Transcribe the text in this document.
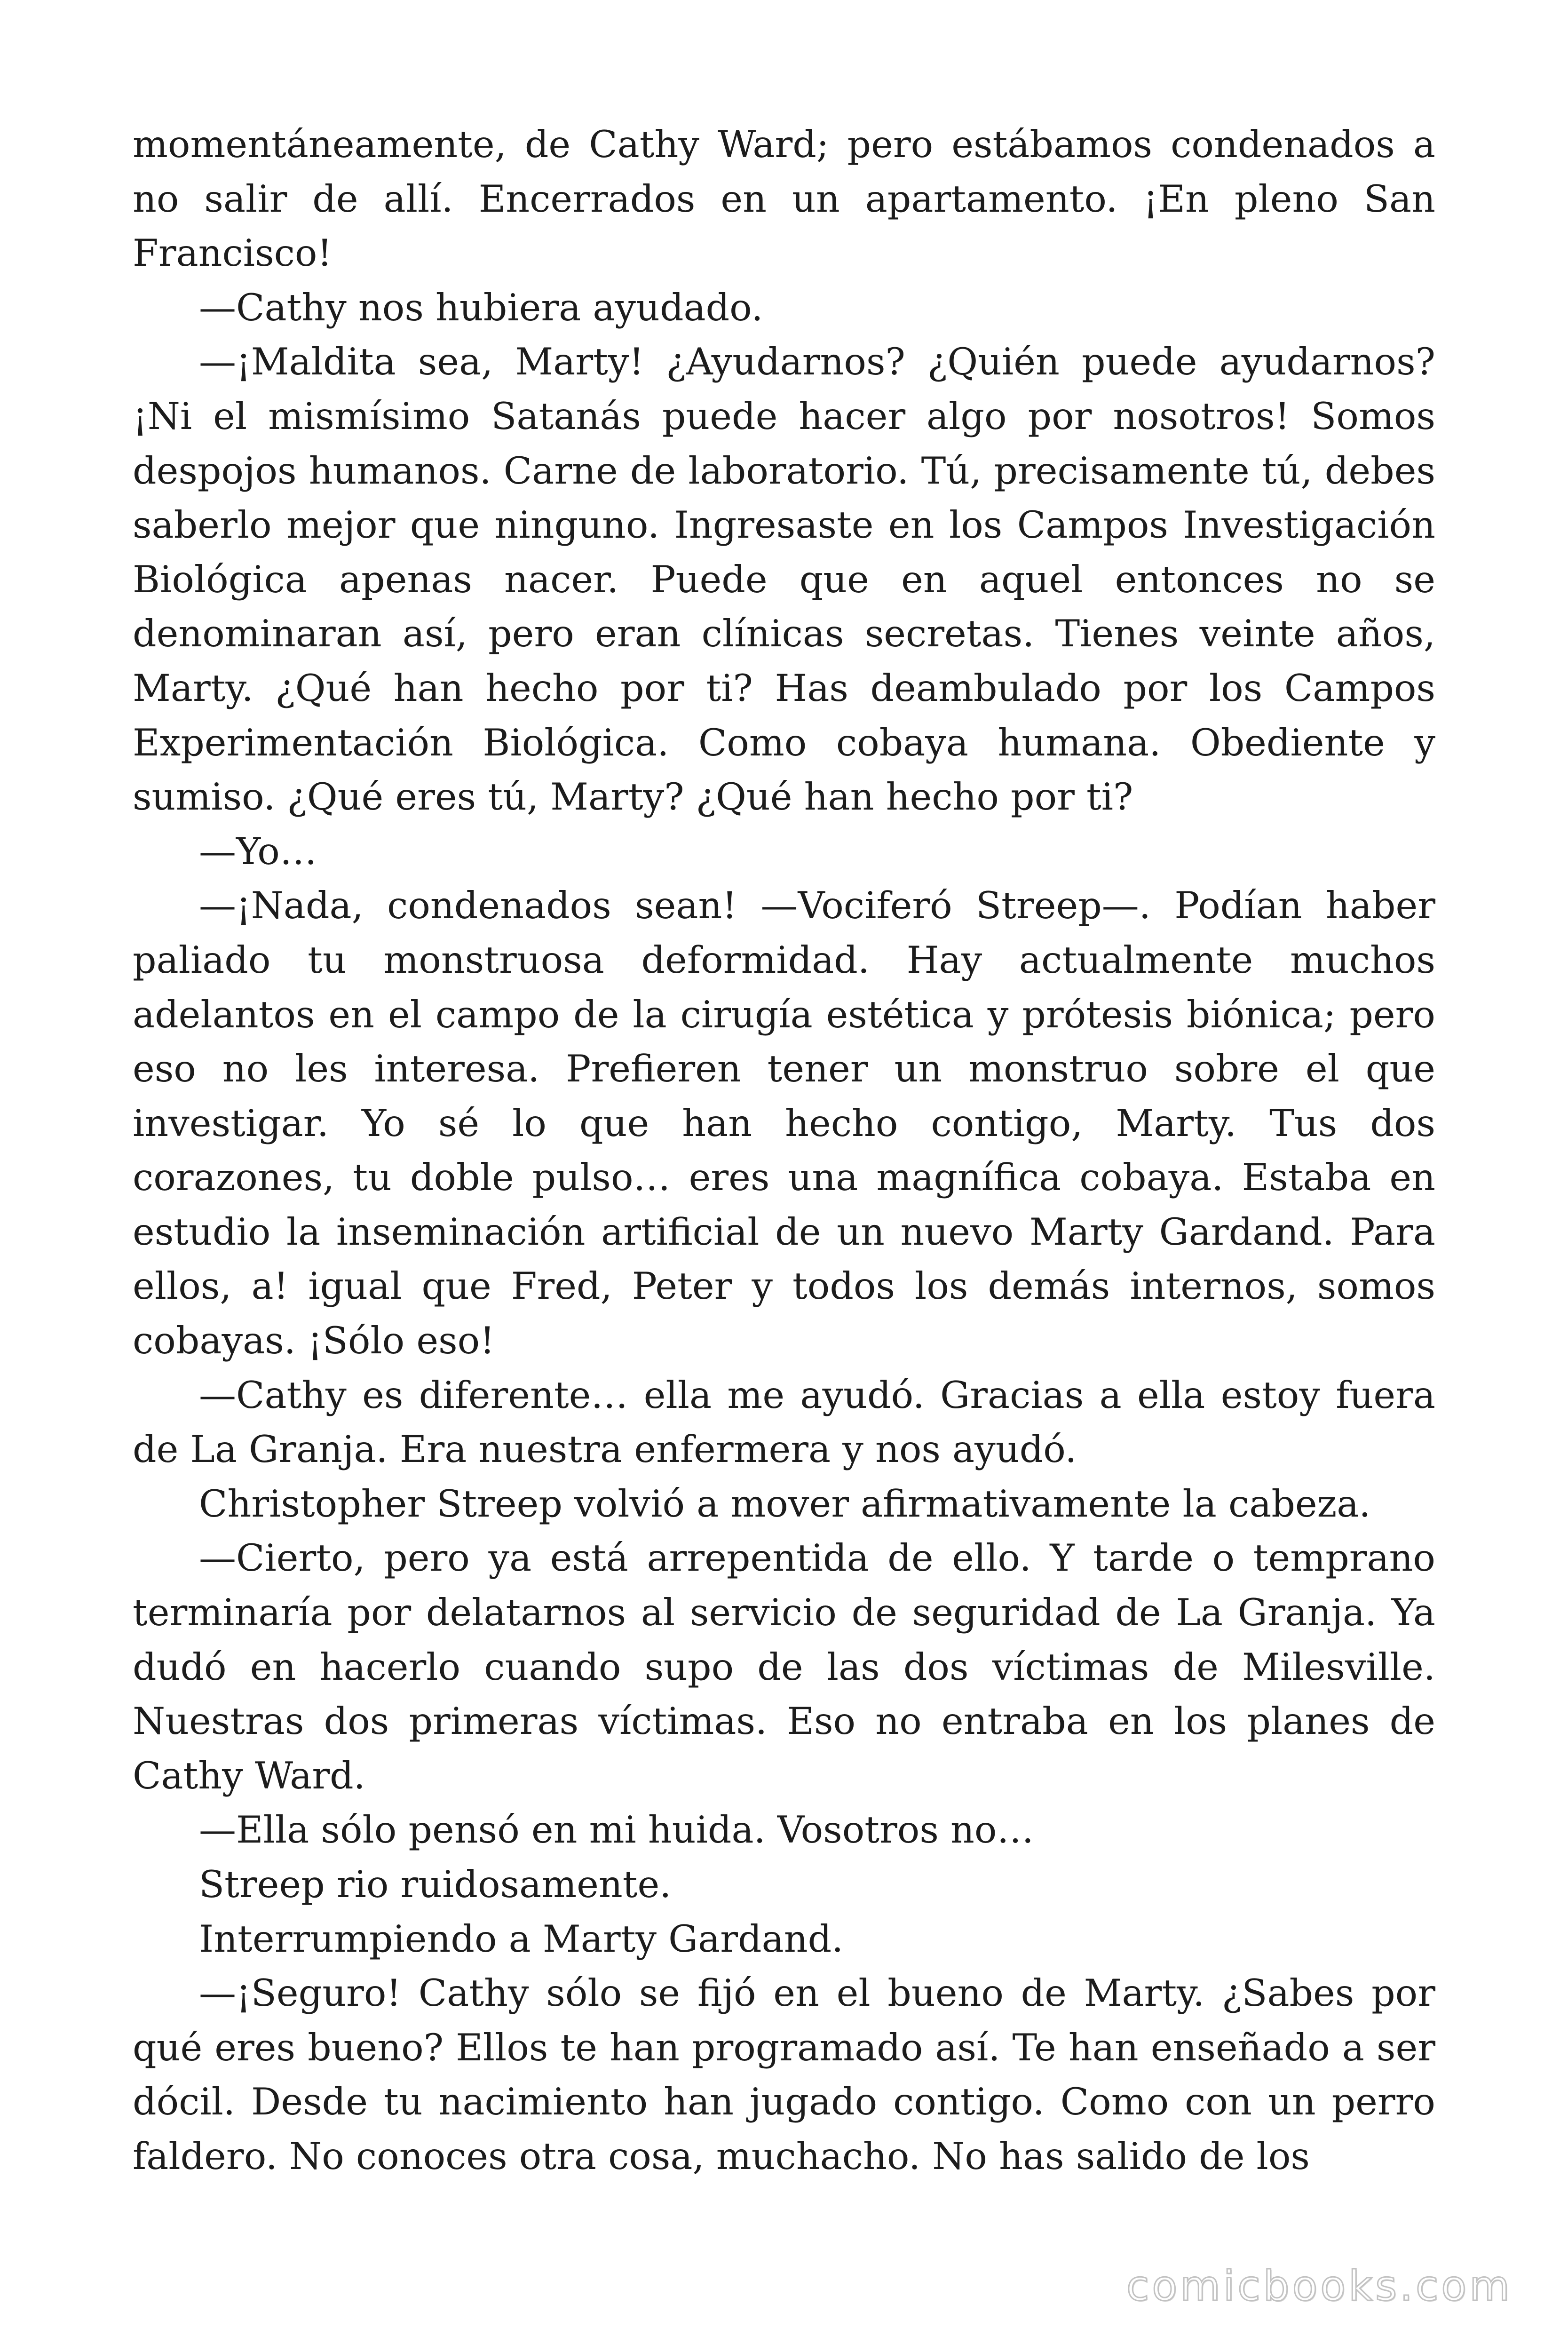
momentáneamente, de Cathy Ward; pero estábamos condenados a no salir de allí. Encerrados en un apartamento. ¡En pleno San Francisco!

—Cathy nos hubiera ayudado.

—¡Maldita sea, Marty! ¿Ayudarnos? ¿Quién puede ayudarnos? ¡Ni el mismísimo Satanás puede hacer algo por nosotros! Somos despojos humanos. Carne de laboratorio. Tú, precisamente tú, debes saberlo mejor que ninguno. Ingresaste en los Campos Investigación Biológica apenas nacer. Puede que en aquel entonces no se denominaran así, pero eran clínicas secretas. Tienes veinte años, Marty. ¿Qué han hecho por ti? Has deambulado por los Campos Experimentación Biológica. Como cobaya humana. Obediente y sumiso. ¿Qué eres tú, Marty? ¿Qué han hecho por ti?

—Yo…

—¡Nada, condenados sean! —Vociferó Streep—. Podían haber paliado tu monstruosa deformidad. Hay actualmente muchos adelantos en el campo de la cirugía estética y prótesis biónica; pero eso no les interesa. Prefieren tener un monstruo sobre el que investigar. Yo sé lo que han hecho contigo, Marty. Tus dos corazones, tu doble pulso… eres una magnífica cobaya. Estaba en estudio la inseminación artificial de un nuevo Marty Gardand. Para ellos, a! igual que Fred, Peter y todos los demás internos, somos cobayas. ¡Sólo eso!

—Cathy es diferente… ella me ayudó. Gracias a ella estoy fuera de La Granja. Era nuestra enfermera y nos ayudó.

Christopher Streep volvió a mover afirmativamente la cabeza.

—Cierto, pero ya está arrepentida de ello. Y tarde o temprano terminaría por delatarnos al servicio de seguridad de La Granja. Ya dudó en hacerlo cuando supo de las dos víctimas de Milesville. Nuestras dos primeras víctimas. Eso no entraba en los planes de Cathy Ward.

—Ella sólo pensó en mi huida. Vosotros no…

Streep rio ruidosamente.

Interrumpiendo a Marty Gardand.

—¡Seguro! Cathy sólo se fijó en el bueno de Marty. ¿Sabes por qué eres bueno? Ellos te han programado así. Te han enseñado a ser dócil. Desde tu nacimiento han jugado contigo. Como con un perro faldero. No conoces otra cosa, muchacho. No has salido de los

comicbooks.com
